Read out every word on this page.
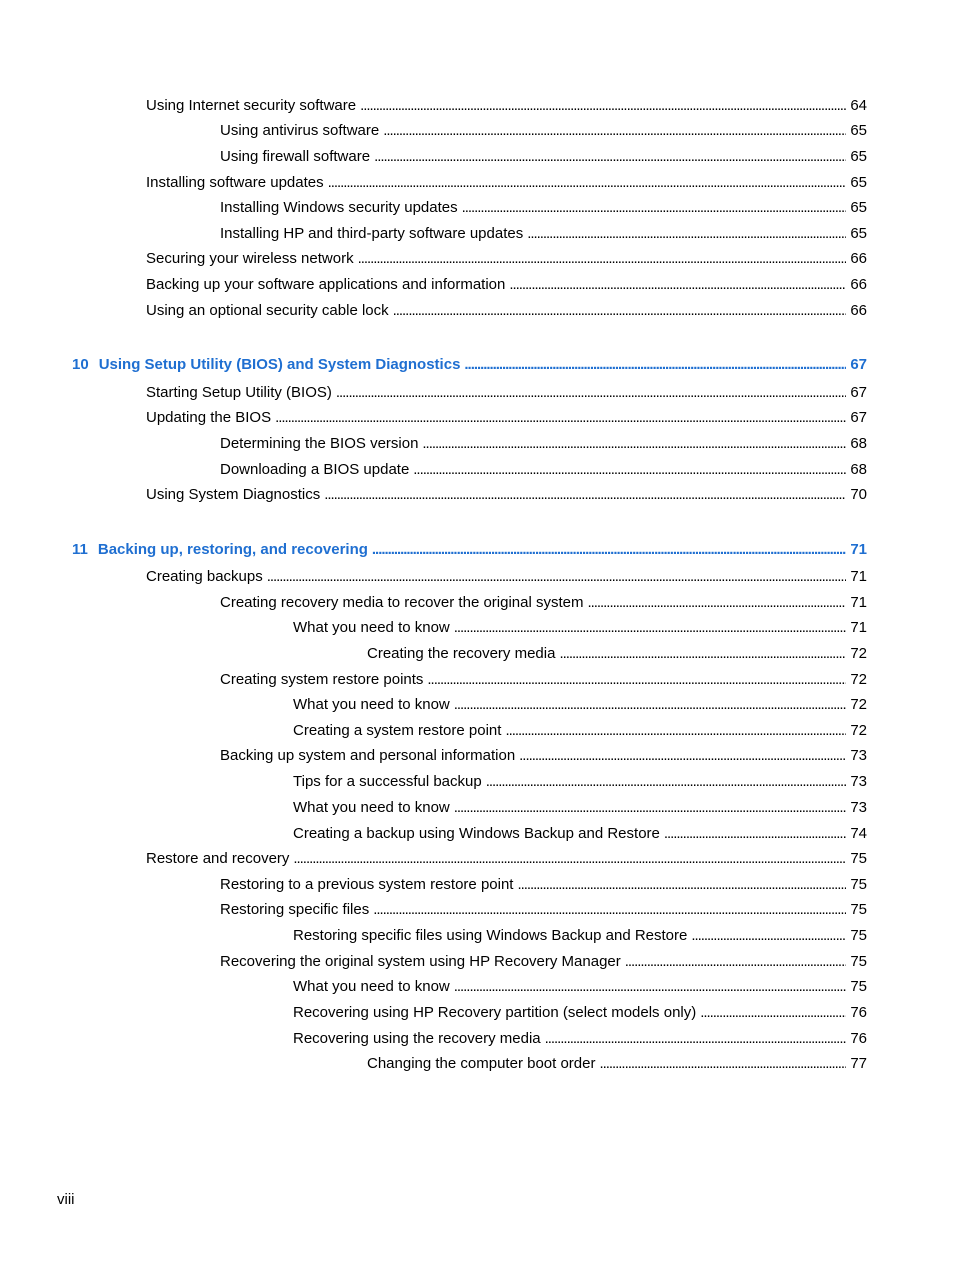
Using Internet security software . . .	64
Using antivirus software . . .	65
Using firewall software . . .	65
Installing software updates . . .	65
Installing Windows security updates . . .	65
Installing HP and third-party software updates . . .	65
Securing your wireless network . . .	66
Backing up your software applications and information . . .	66
Using an optional security cable lock . . .	66
10 Using Setup Utility (BIOS) and System Diagnostics . . .	67
Starting Setup Utility (BIOS) . . .	67
Updating the BIOS . . .	67
Determining the BIOS version . . .	68
Downloading a BIOS update . . .	68
Using System Diagnostics . . .	70
11 Backing up, restoring, and recovering . . .	71
Creating backups . . .	71
Creating recovery media to recover the original system . . .	71
What you need to know . . .	71
Creating the recovery media . . .	72
Creating system restore points . . .	72
What you need to know . . .	72
Creating a system restore point . . .	72
Backing up system and personal information . . .	73
Tips for a successful backup . . .	73
What you need to know . . .	73
Creating a backup using Windows Backup and Restore . . .	74
Restore and recovery . . .	75
Restoring to a previous system restore point . . .	75
Restoring specific files . . .	75
Restoring specific files using Windows Backup and Restore . . .	75
Recovering the original system using HP Recovery Manager . . .	75
What you need to know . . .	75
Recovering using HP Recovery partition (select models only) . . .	76
Recovering using the recovery media . . .	76
Changing the computer boot order . . .	77
viii
